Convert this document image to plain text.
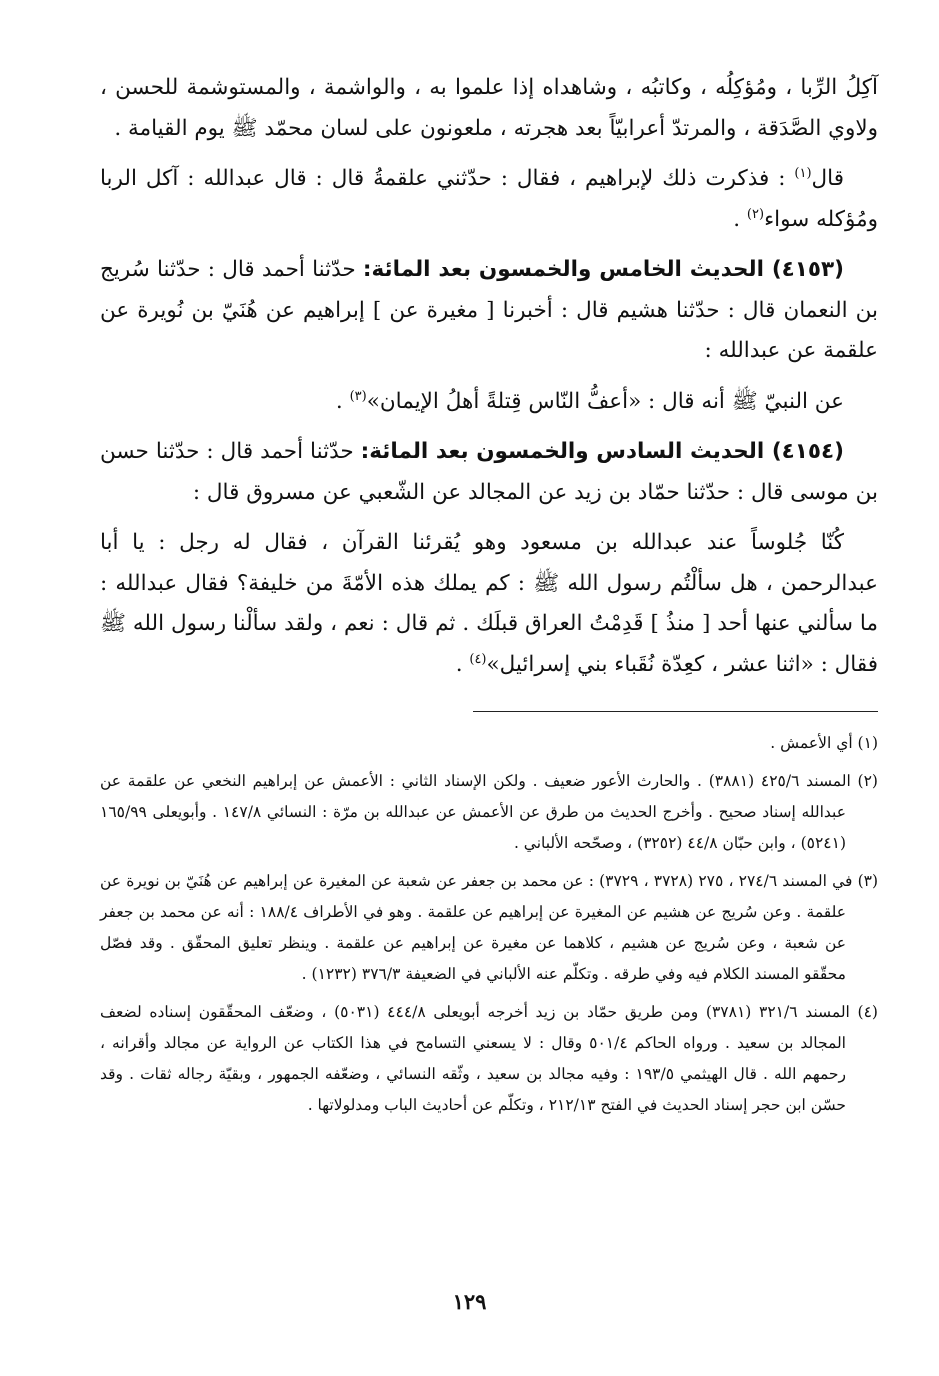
آكِلُ الرِّبا ، ومُؤكِلُه ، وكاتبُه ، وشاهداه إذا علموا به ، والواشمة ، والمستوشمة للحسن ، ولاوي الصَّدَقة ، والمرتدّ أعرابيّاً بعد هجرته ، ملعونون على لسان محمّد ﷺ يوم القيامة .

قال$^{(١)}$ : فذكرت ذلك لإبراهيم ، فقال : حدّثني علقمةُ قال : قال عبدالله : آكل الربا ومُؤكله سواء$^{(٢)}$ .

(٤١٥٣) الحديث الخامس والخمسون بعد المائة: حدّثنا أحمد قال : حدّثنا سُريج بن النعمان قال : حدّثنا هشيم قال : أخبرنا [ مغيرة عن ] إبراهيم عن هُنَيّ بن نُويرة عن علقمة عن عبدالله :

عن النبيّ ﷺ أنه قال : «أعفُّ النّاس قِتلةً أهلُ الإيمان»$^{(٣)}$ .

(٤١٥٤) الحديث السادس والخمسون بعد المائة: حدّثنا أحمد قال : حدّثنا حسن بن موسى قال : حدّثنا حمّاد بن زيد عن المجالد عن الشّعبي عن مسروق قال :

كُنّا جُلوساً عند عبدالله بن مسعود وهو يُقرئنا القرآن ، فقال له رجل : يا أبا عبدالرحمن ، هل سألْتُم رسول الله ﷺ : كم يملك هذه الأمّةَ من خليفة؟ فقال عبدالله : ما سألني عنها أحد [ منذُ ] قَدِمْتُ العراق قبلَك . ثم قال : نعم ، ولقد سألْنا رسول الله ﷺ فقال : «اثنا عشر ، كعِدّة نُقَباء بني إسرائيل»$^{(٤)}$ .

(١) أي الأعمش .

(٢) المسند ٤٢٥/٦ (٣٨٨١) . والحارث الأعور ضعيف . ولكن الإسناد الثاني : الأعمش عن إبراهيم النخعي عن علقمة عن عبدالله إسناد صحيح . وأخرج الحديث من طرق عن الأعمش عن عبدالله بن مرّة : النسائي ١٤٧/٨ . وأبويعلى ١٦٥/٩٩ (٥٢٤١) ، وابن حبّان ٤٤/٨ (٣٢٥٢) ، وصحّحه الألباني .

(٣) في المسند ٢٧٤/٦ ، ٢٧٥ (٣٧٢٨ ، ٣٧٢٩) : عن محمد بن جعفر عن شعبة عن المغيرة عن إبراهيم عن هُنَيّ بن نويرة عن علقمة . وعن سُريج عن هشيم عن المغيرة عن إبراهيم عن علقمة . وهو في الأطراف ١٨٨/٤ : أنه عن محمد بن جعفر عن شعبة ، وعن سُريج عن هشيم ، كلاهما عن مغيرة عن إبراهيم عن علقمة . وينظر تعليق المحقّق . وقد فصّل محقّقو المسند الكلام فيه وفي طرقه . وتكلّم عنه الألباني في الضعيفة ٣٧٦/٣ (١٢٣٢) .

(٤) المسند ٣٢١/٦ (٣٧٨١) ومن طريق حمّاد بن زيد أخرجه أبويعلى ٤٤٤/٨ (٥٠٣١) ، وضعّف المحقّقون إسناده لضعف المجالد بن سعيد . ورواه الحاكم ٥٠١/٤ وقال : لا يسعني التسامح في هذا الكتاب عن الرواية عن مجالد وأقرانه ، رحمهم الله . قال الهيثمي ١٩٣/٥ : وفيه مجالد بن سعيد ، وثّقه النسائي ، وضعّفه الجمهور ، وبقيّة رجاله ثقات . وقد حسّن ابن حجر إسناد الحديث في الفتح ٢١٢/١٣ ، وتكلّم عن أحاديث الباب ومدلولاتها .

١٢٩
